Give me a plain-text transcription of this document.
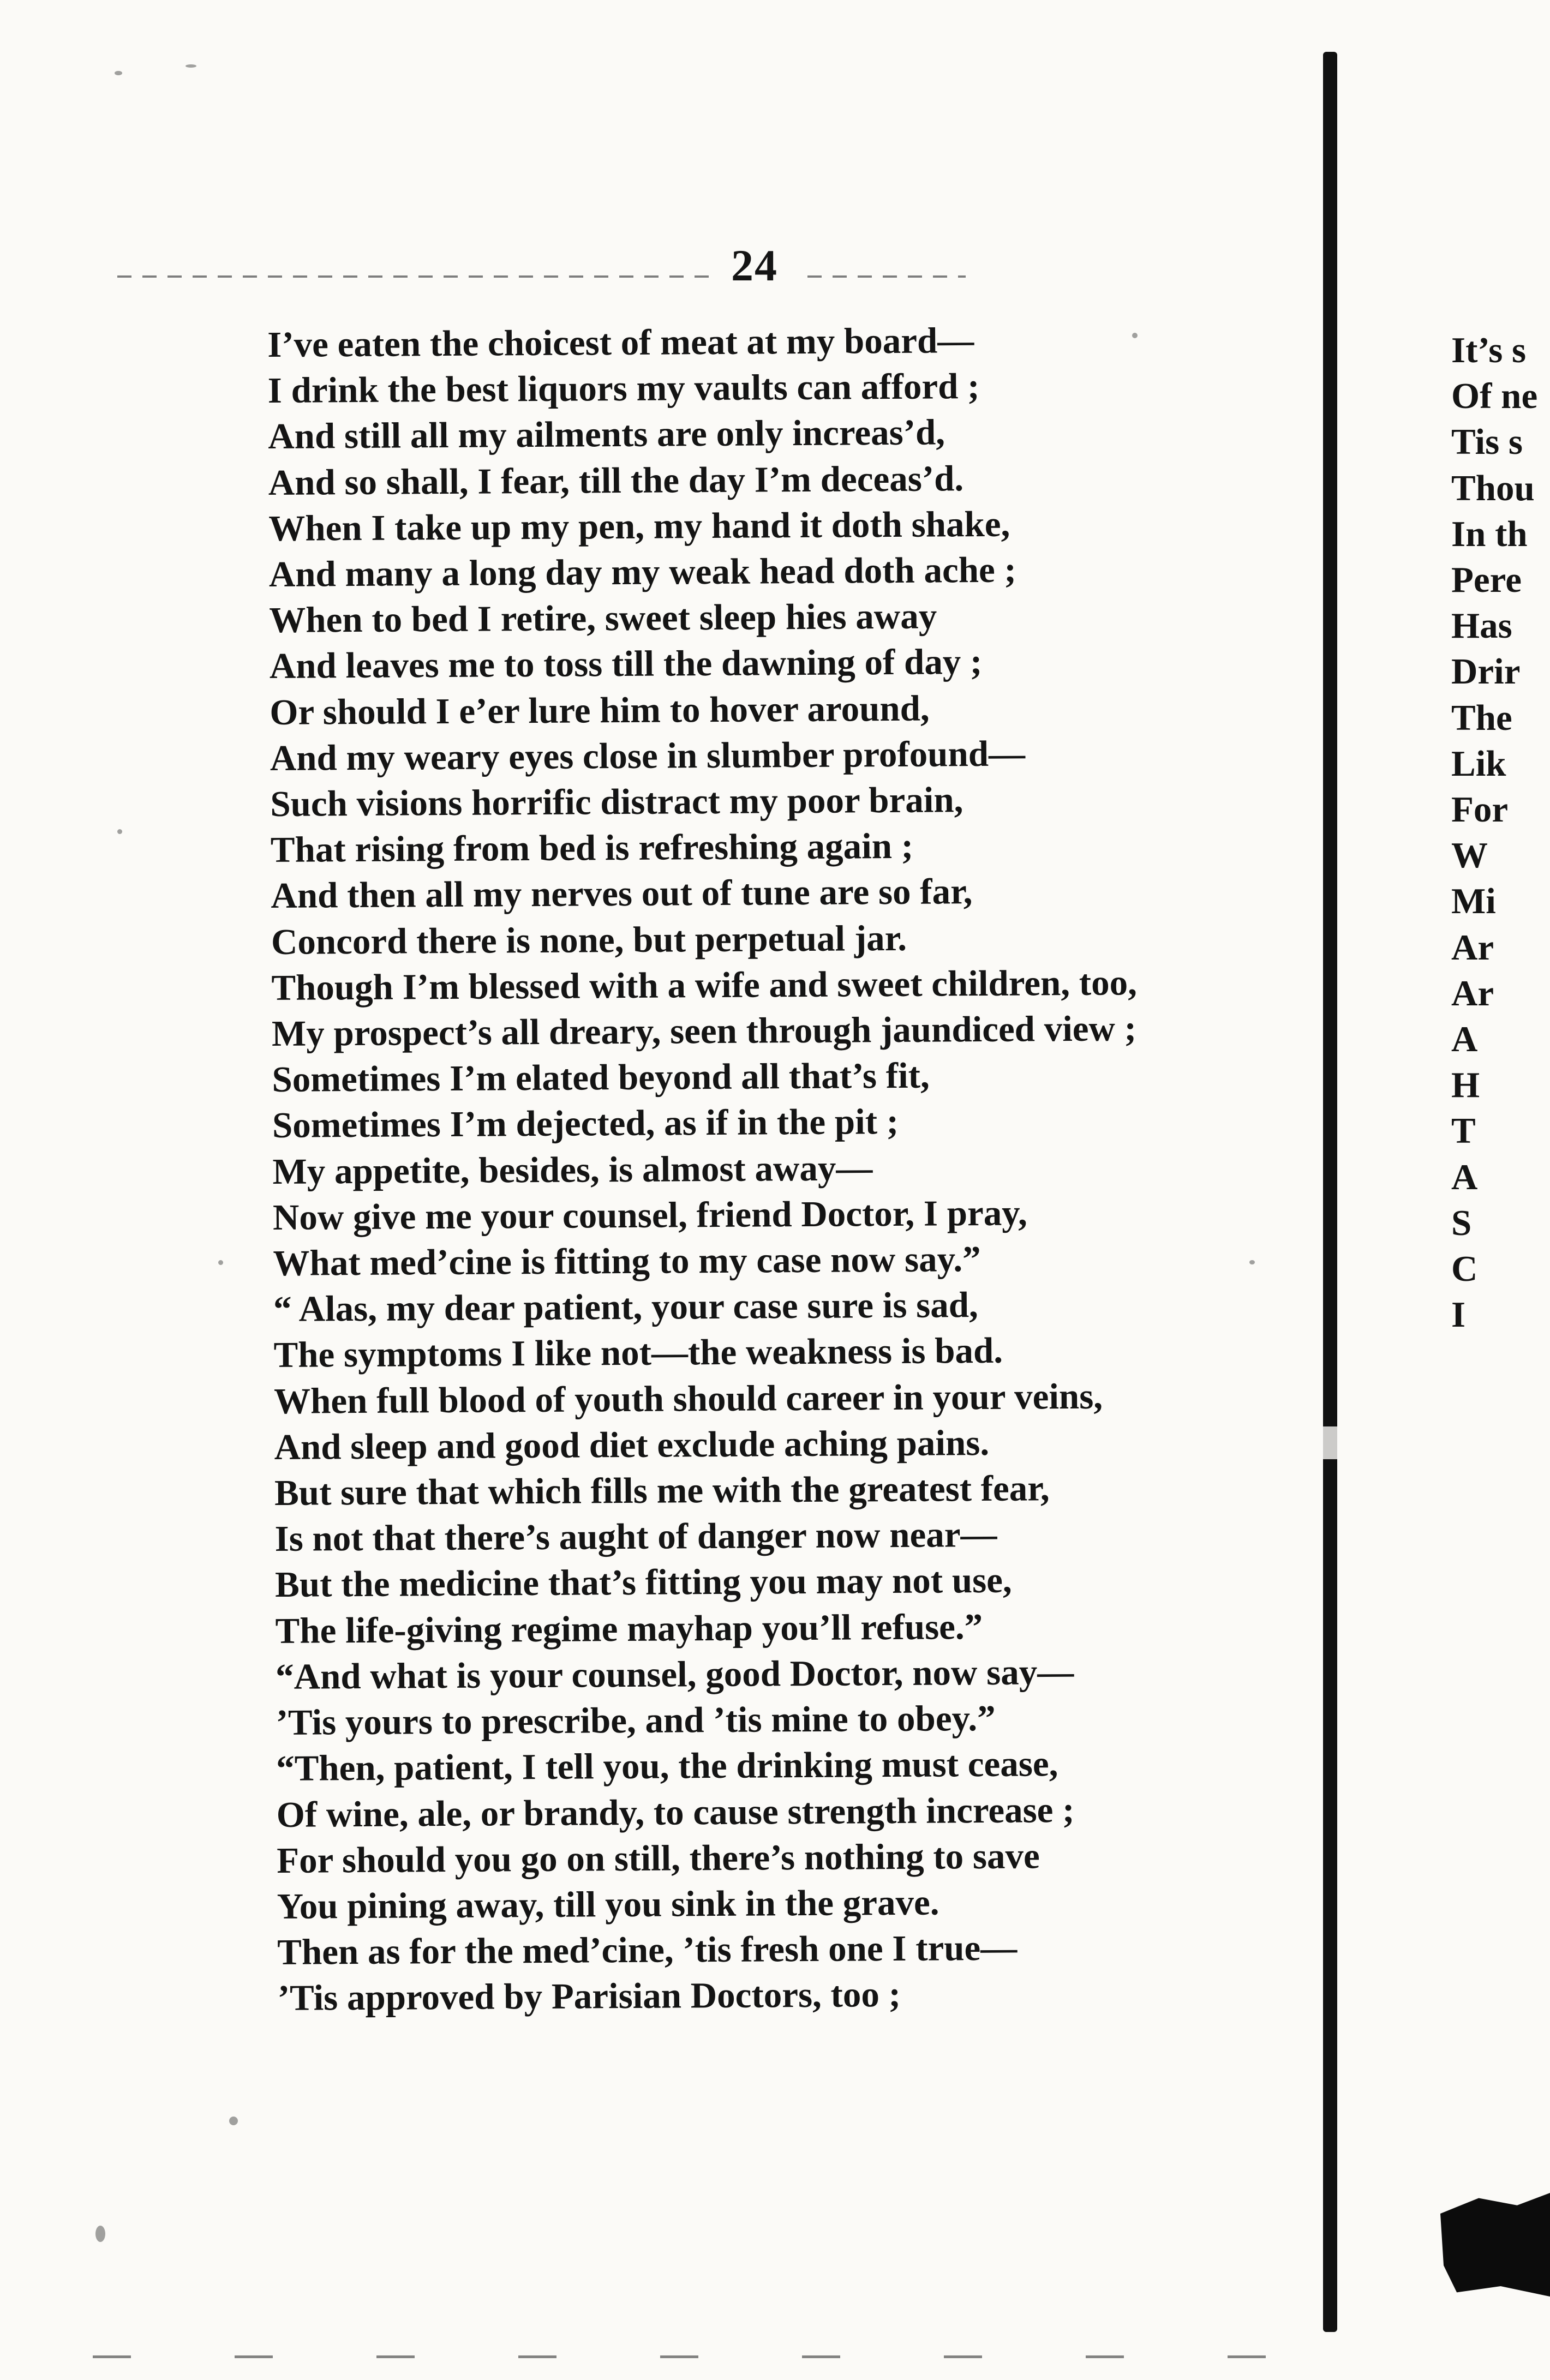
24
I’ve eaten the choicest of meat at my board—
I drink the best liquors my vaults can afford ;
And still all my ailments are only increas’d,
And so shall, I fear, till the day I’m deceas’d.
When I take up my pen, my hand it doth shake,
And many a long day my weak head doth ache ;
When to bed I retire, sweet sleep hies away
And leaves me to toss till the dawning of day ;
Or should I e’er lure him to hover around,
And my weary eyes close in slumber profound—
Such visions horrific distract my poor brain,
That rising from bed is refreshing again ;
And then all my nerves out of tune are so far,
Concord there is none, but perpetual jar.
Though I’m blessed with a wife and sweet children, too,
My prospect’s all dreary, seen through jaundiced view ;
Sometimes I’m elated beyond all that’s fit,
Sometimes I’m dejected, as if in the pit ;
My appetite, besides, is almost away—
Now give me your counsel, friend Doctor, I pray,
What med’cine is fitting to my case now say.”
“ Alas, my dear patient, your case sure is sad,
The symptoms I like not—the weakness is bad.
When full blood of youth should career in your veins,
And sleep and good diet exclude aching pains.
But sure that which fills me with the greatest fear,
Is not that there’s aught of danger now near—
But the medicine that’s fitting you may not use,
The life-giving regime mayhap you’ll refuse.”
“And what is your counsel, good Doctor, now say—
’Tis yours to prescribe, and ’tis mine to obey.”
“Then, patient, I tell you, the drinking must cease,
Of wine, ale, or brandy, to cause strength increase ;
For should you go on still, there’s nothing to save
You pining away, till you sink in the grave.
Then as for the med’cine, ’tis fresh one I true—
’Tis approved by Parisian Doctors, too ;
It’s s
Of ne
Tis s
Thou
In th
Pere
Has
Drir
The
Lik
For
W
Mi
Ar
Ar
A
H
T
A
S
C
I
